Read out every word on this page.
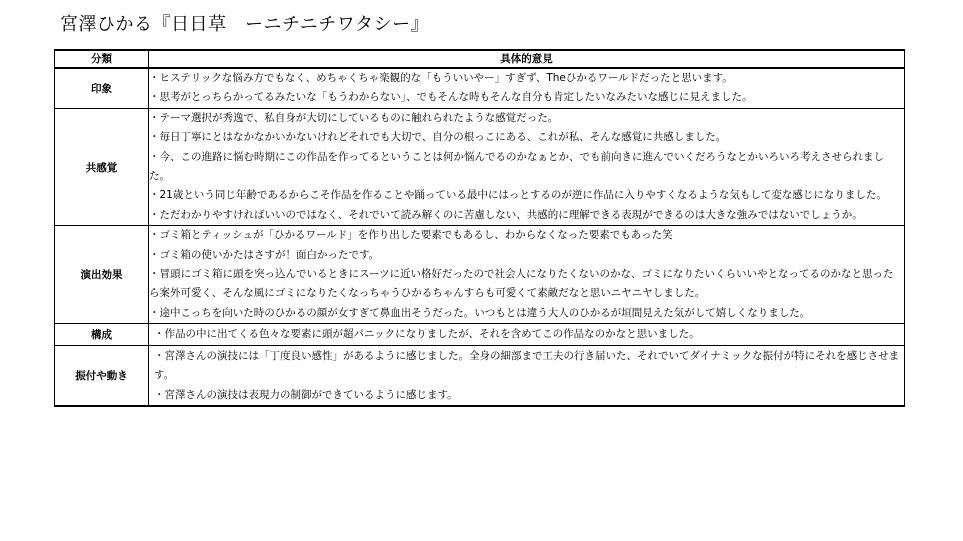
宮澤ひかる『日日草　ーニチニチワタシー』
分類	具体的意見
印象	・ヒステリックな悩み方でもなく、めちゃくちゃ楽観的な「もういいやー」すぎず、Theひかるワールドだったと思います。
・思考がとっちらかってるみたいな「もうわからない」、でもそんな時もそんな自分も肯定したいなみたいな感じに見えました。

共感覚	・テーマ選択が秀逸で、私自身が大切にしているものに触れられたような感覚だった。
・毎日丁寧にとはなかなかいかないけれどそれでも大切で、自分の根っこにある、これが私、そんな感覚に共感しました。
・今、この進路に悩む時期にこの作品を作ってるということは何か悩んでるのかなぁとか、でも前向きに進んでいくだろうなとかいろいろ考えさせられました。
・21歳という同じ年齢であるからこそ作品を作ることや踊っている最中にはっとするのが逆に作品に入りやすくなるような気もして変な感じになりました。
・ただわかりやすければいいのではなく、それでいて読み解くのに苦慮しない、共感的に理解できる表現ができるのは大きな強みではないでしょうか。

演出効果	・ゴミ箱とティッシュが「ひかるワールド」を作り出した要素でもあるし、わからなくなった要素でもあった笑
・ゴミ箱の使いかたはさすが！面白かったです。
・冒頭にゴミ箱に頭を突っ込んでいるときにスーツに近い格好だったので社会人になりたくないのかな、ゴミになりたいくらいいやとなってるのかなと思ったら案外可愛く、そんな風にゴミになりたくなっちゃうひかるちゃんすらも可愛くて素敵だなと思いニヤニヤしました。
・途中こっちを向いた時のひかるの顔が女すぎて鼻血出そうだった。いつもとは違う大人のひかるが垣間見えた気がして嬉しくなりました。

構成	・作品の中に出てくる色々な要素に頭が超パニックになりましたが、それを含めてこの作品なのかなと思いました。

振付や動き	・宮澤さんの演技には「丁度良い感性」があるように感じました。全身の細部まで工夫の行き届いた、それでいてダイナミックな振付が特にそれを感じさせます。
・宮澤さんの演技は表現力の制御ができているように感じます。
